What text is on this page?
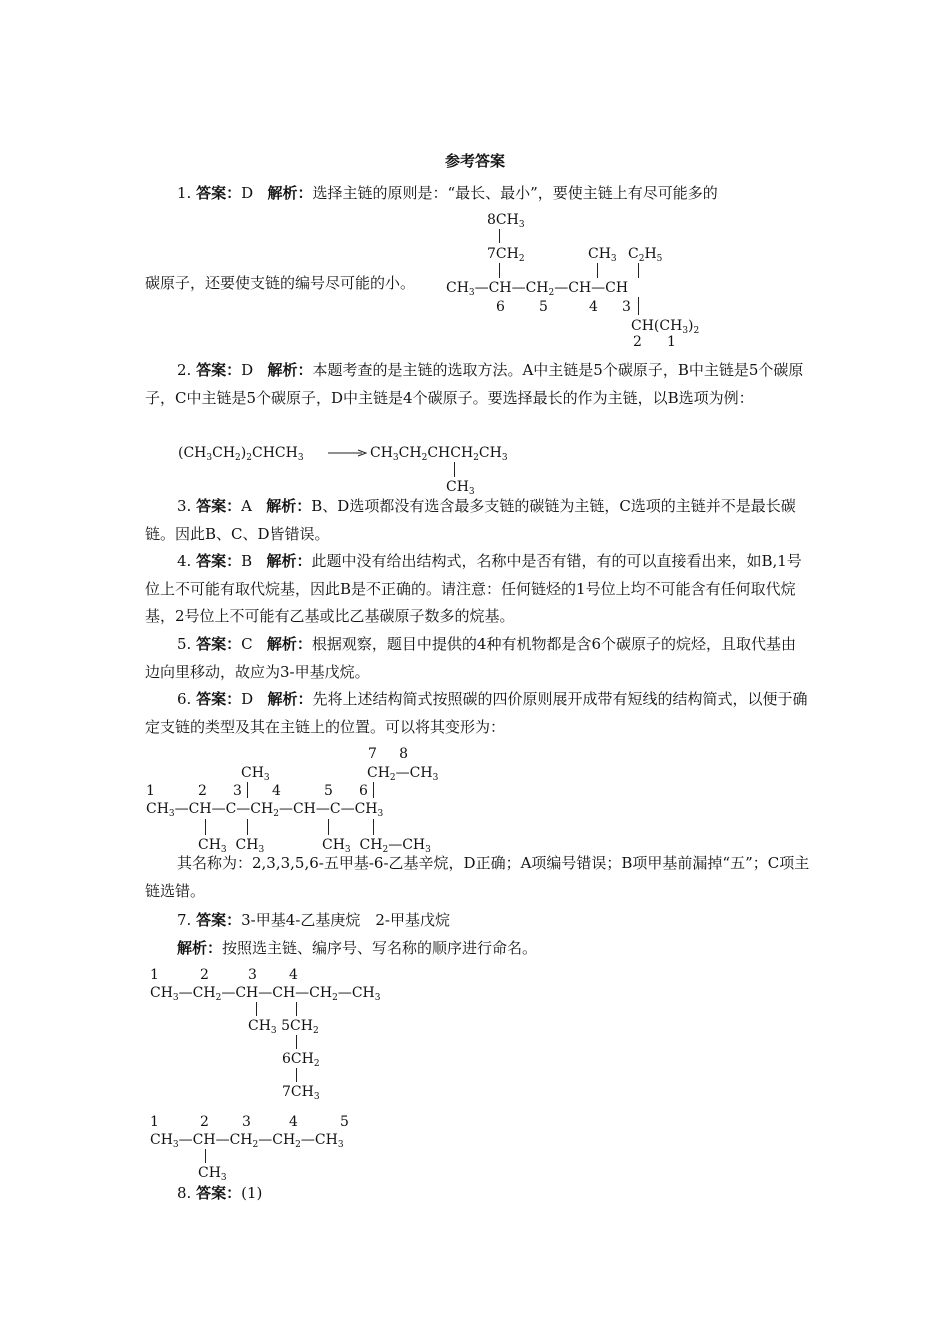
参考答案

1. 答案：D 解析：选择主链的原则是：“最长、最小”，要使主链上有尽可能多的

碳原子，还要使支链的编号尽可能的小。

$8CH_3$
$7CH_2$	$CH_3$ $C_2H_5$
$CH_3—CH—CH_2—CH—CH$
6 5	4 3
$CH(CH_3)_2$
2 1

2. 答案：D 解析：本题考查的是主链的选取方法。A中主链是5个碳原子，B中主链是5个碳原子，C中主链是5个碳原子，D中主链是4个碳原子。要选择最长的作为主链，以B选项为例：

$(CH_3CH_2)_2CHCH_3$	$CH_3CH_2CHCH_2CH_3$
$CH_3$

3. 答案：A 解析：B、D选项都没有选含最多支链的碳链为主链，C选项的主链并不是最长碳链。因此B、C、D皆错误。

4. 答案：B 解析：此题中没有给出结构式，名称中是否有错，有的可以直接看出来，如B,1号位上不可能有取代烷基，因此B是不正确的。请注意：任何链烃的1号位上均不可能含有任何取代烷基，2号位上不可能有乙基或比乙基碳原子数多的烷基。

5. 答案：C 解析：根据观察，题目中提供的4种有机物都是含6个碳原子的烷烃，且取代基由边向里移动，故应为3-甲基戊烷。

6. 答案：D 解析：先将上述结构简式按照碳的四价原则展开成带有短线的结构简式，以便于确定支链的类型及其在主链上的位置。可以将其变形为：

7     8
$CH_3$	$CH_2—CH_3$
1	2 3 4	5 6
$CH_3—CH—C—CH_2—CH—C—CH_3$
$CH_3$  $CH_3$	$CH_3$  $CH_2—CH_3$

其名称为：2,3,3,5,6-五甲基-6-乙基辛烷，D正确；A项编号错误；B项甲基前漏掉“五”；C项主链选错。

7. 答案：3-甲基4-乙基庚烷　2-甲基戊烷

解析：按照选主链、编序号、写名称的顺序进行命名。

1	2	3 4
$CH_3—CH_2—CH—CH—CH_2—CH_3$
$CH_3$ $5CH_2$
$6CH_2$
$7CH_3$
1	2 3	4	5
$CH_3—CH—CH_2—CH_2—CH_3$
$CH_3$

8. 答案：(1)
